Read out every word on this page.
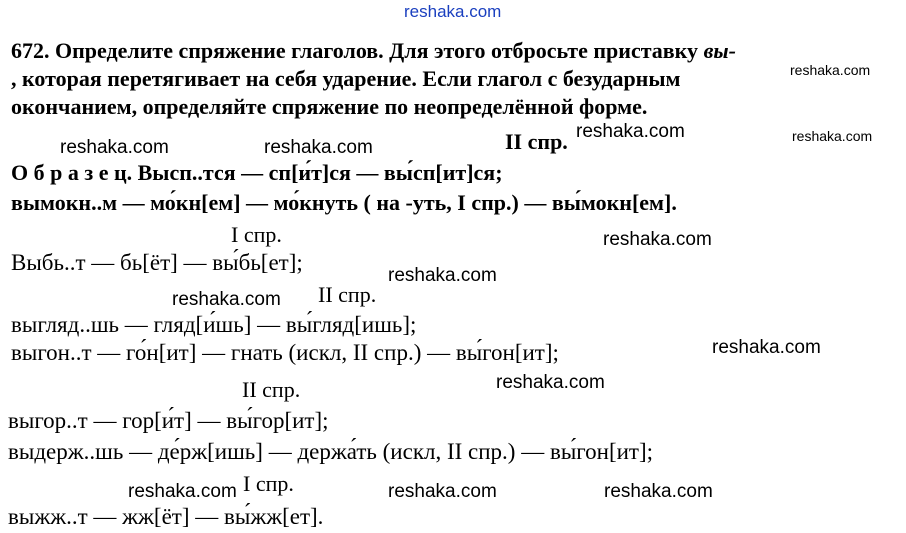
reshaka.com
672. Определите спряжение глаголов. Для этого отбросьте приставку вы-
, которая перетягивает на себя ударение. Если глагол с безударным
окончанием, определяйте спряжение по неопределённой форме.
reshaka.com
reshaka.com	reshaka.com	II спр. reshaka.com	reshaka.com
О б р а з е ц. Высп..тся — сп[и́т]ся — вы́сп[ит]ся;
вымокн..м — мо́кн[ем] — мо́кнуть ( на -уть, I спр.) — вы́мокн[ем].
I спр.	reshaka.com
Выбь..т — бь[ёт] — вы́бь[ет];
reshaka.com
II спр.
reshaka.com
выгляд..шь — гляд[и́шь] — вы́гляд[ишь];
выгон..т — го́н[ит] — гнать (искл, II спр.) — вы́гон[ит];	reshaka.com
II спр.	reshaka.com
выгор..т — гор[и́т] — вы́гор[ит];
выдерж..шь — де́рж[ишь] — держа́ть (искл, II спр.) — вы́гон[ит];
I спр.
reshaka.com	reshaka.com	reshaka.com
выжж..т — жж[ёт] — вы́жж[ет].
